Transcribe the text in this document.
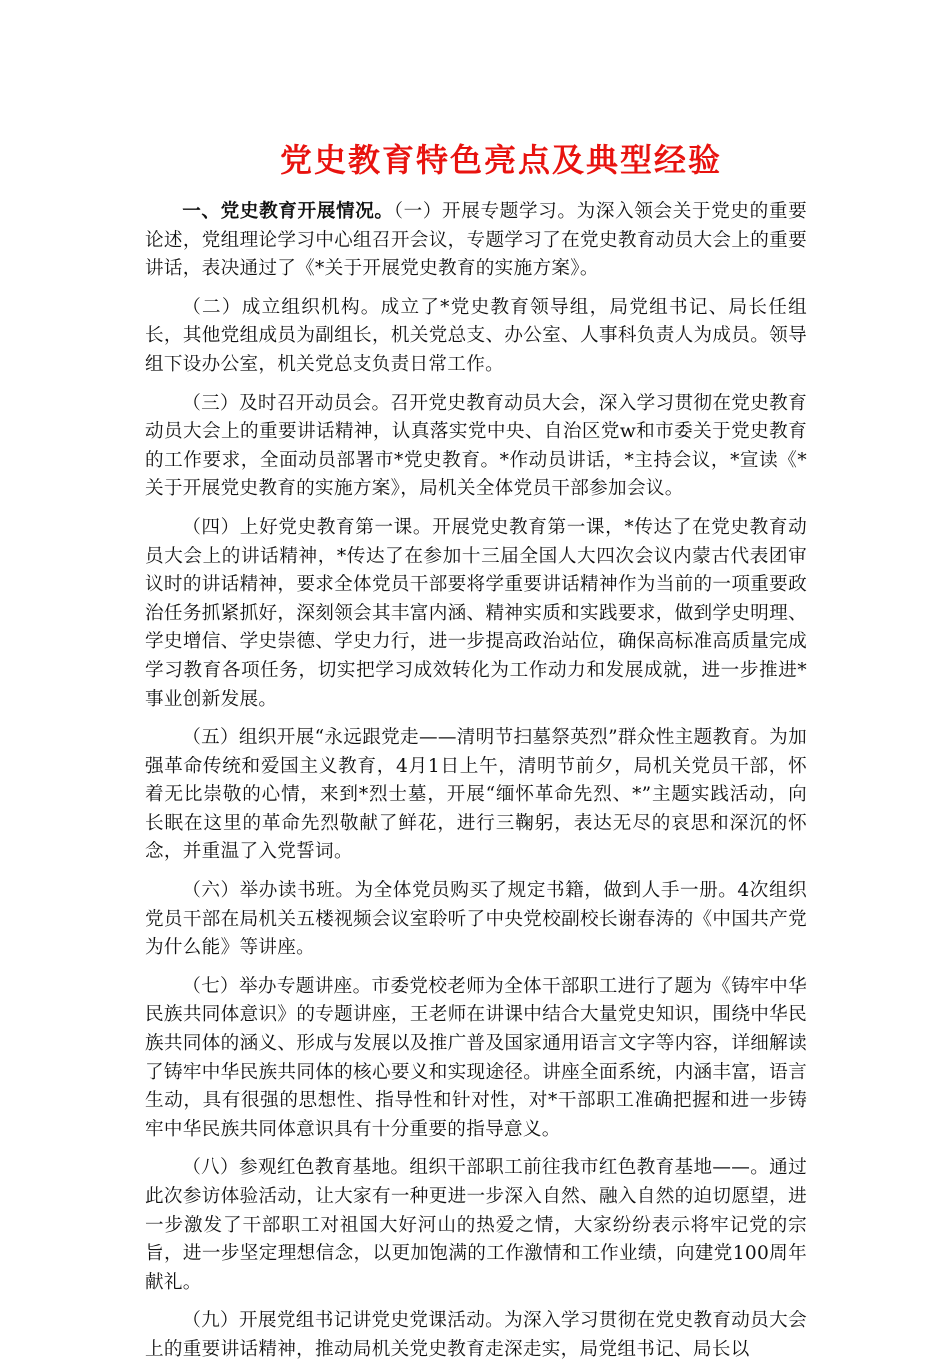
党史教育特色亮点及典型经验

一、党史教育开展情况。（一）开展专题学习。为深入领会关于党史的重要论述，党组理论学习中心组召开会议，专题学习了在党史教育动员大会上的重要讲话，表决通过了《*关于开展党史教育的实施方案》。

（二）成立组织机构。成立了*党史教育领导组，局党组书记、局长任组长，其他党组成员为副组长，机关党总支、办公室、人事科负责人为成员。领导组下设办公室，机关党总支负责日常工作。

（三）及时召开动员会。召开党史教育动员大会，深入学习贯彻在党史教育动员大会上的重要讲话精神，认真落实党中央、自治区党w和市委关于党史教育的工作要求，全面动员部署市*党史教育。*作动员讲话，*主持会议，*宣读《*关于开展党史教育的实施方案》，局机关全体党员干部参加会议。

（四）上好党史教育第一课。开展党史教育第一课，*传达了在党史教育动员大会上的讲话精神，*传达了在参加十三届全国人大四次会议内蒙古代表团审议时的讲话精神，要求全体党员干部要将学重要讲话精神作为当前的一项重要政治任务抓紧抓好，深刻领会其丰富内涵、精神实质和实践要求，做到学史明理、学史增信、学史崇德、学史力行，进一步提高政治站位，确保高标准高质量完成学习教育各项任务，切实把学习成效转化为工作动力和发展成就，进一步推进*事业创新发展。

（五）组织开展“永远跟党走——清明节扫墓祭英烈”群众性主题教育。为加强革命传统和爱国主义教育，4月1日上午，清明节前夕，局机关党员干部，怀着无比崇敬的心情，来到*烈士墓，开展“缅怀革命先烈、*”主题实践活动，向长眠在这里的革命先烈敬献了鲜花，进行三鞠躬，表达无尽的哀思和深沉的怀念，并重温了入党誓词。

（六）举办读书班。为全体党员购买了规定书籍，做到人手一册。4次组织党员干部在局机关五楼视频会议室聆听了中央党校副校长谢春涛的《中国共产党为什么能》等讲座。

（七）举办专题讲座。市委党校老师为全体干部职工进行了题为《铸牢中华民族共同体意识》的专题讲座，王老师在讲课中结合大量党史知识，围绕中华民族共同体的涵义、形成与发展以及推广普及国家通用语言文字等内容，详细解读了铸牢中华民族共同体的核心要义和实现途径。讲座全面系统，内涵丰富，语言生动，具有很强的思想性、指导性和针对性，对*干部职工准确把握和进一步铸牢中华民族共同体意识具有十分重要的指导意义。

（八）参观红色教育基地。组织干部职工前往我市红色教育基地——。通过此次参访体验活动，让大家有一种更进一步深入自然、融入自然的迫切愿望，进一步激发了干部职工对祖国大好河山的热爱之情，大家纷纷表示将牢记党的宗旨，进一步坚定理想信念，以更加饱满的工作激情和工作业绩，向建党100周年献礼。

（九）开展党组书记讲党史党课活动。为深入学习贯彻在党史教育动员大会上的重要讲话精神，推动局机关党史教育走深走实，局党组书记、局长以
